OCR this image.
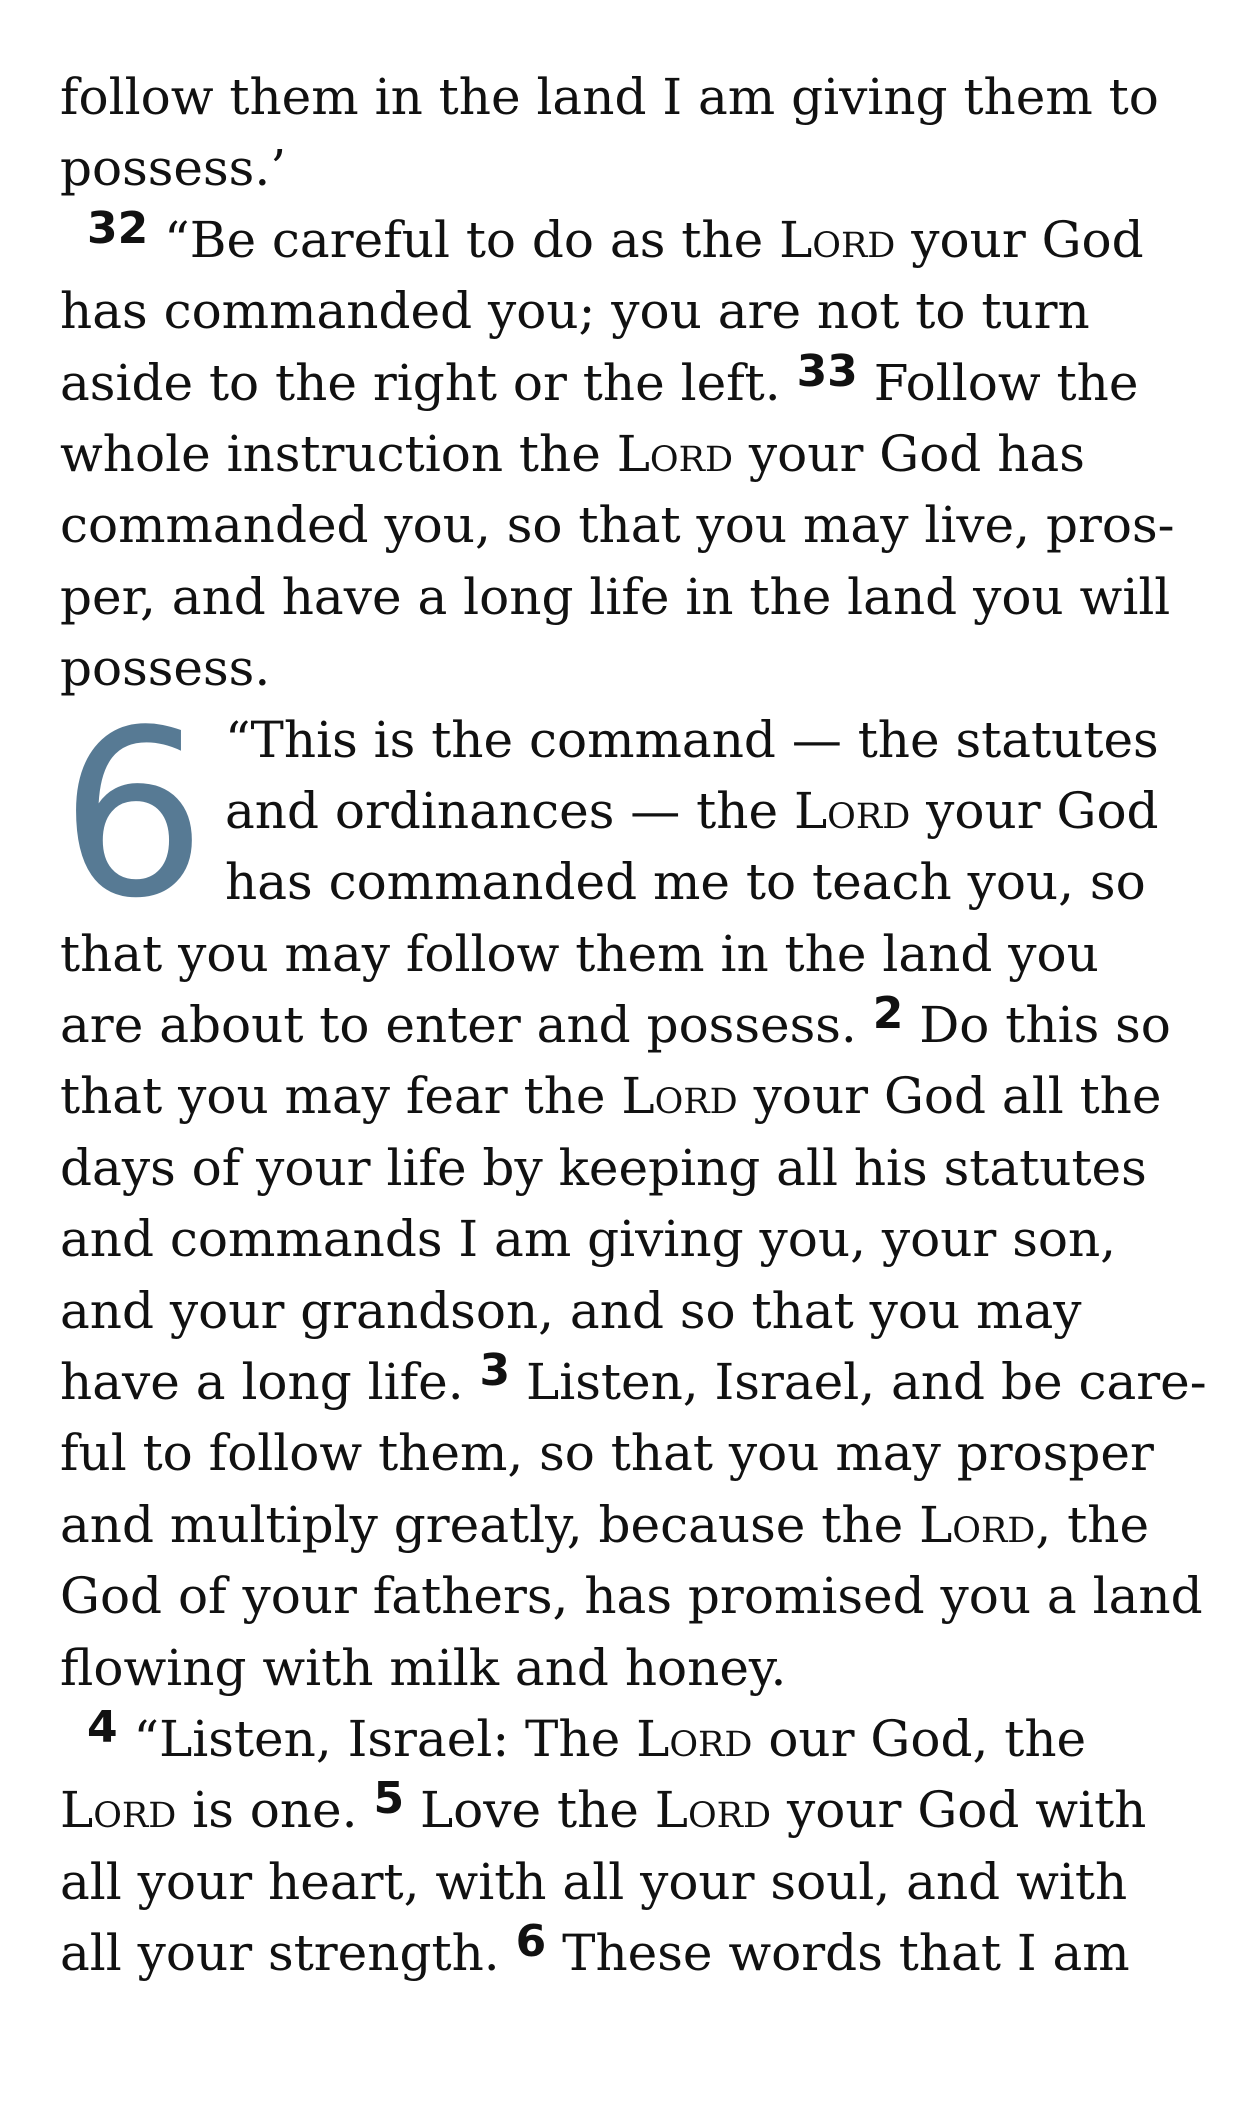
follow them in the land I am giving them to
possess.’
32 “Be careful to do as the Lord your God
has commanded you; you are not to turn
aside to the right or the left. 33 Follow the
whole instruction the Lord your God has
commanded you, so that you may live, pros-
per, and have a long life in the land you will
possess.
6 “This is the command — the statutes
and ordinances — the Lord your God
has commanded me to teach you, so
that you may follow them in the land you
are about to enter and possess. 2 Do this so
that you may fear the Lord your God all the
days of your life by keeping all his statutes
and commands I am giving you, your son,
and your grandson, and so that you may
have a long life. 3 Listen, Israel, and be care-
ful to follow them, so that you may prosper
and multiply greatly, because the Lord, the
God of your fathers, has promised you a land
flowing with milk and honey.
4 “Listen, Israel: The Lord our God, the
Lord is one. 5 Love the Lord your God with
all your heart, with all your soul, and with
all your strength. 6 These words that I am
